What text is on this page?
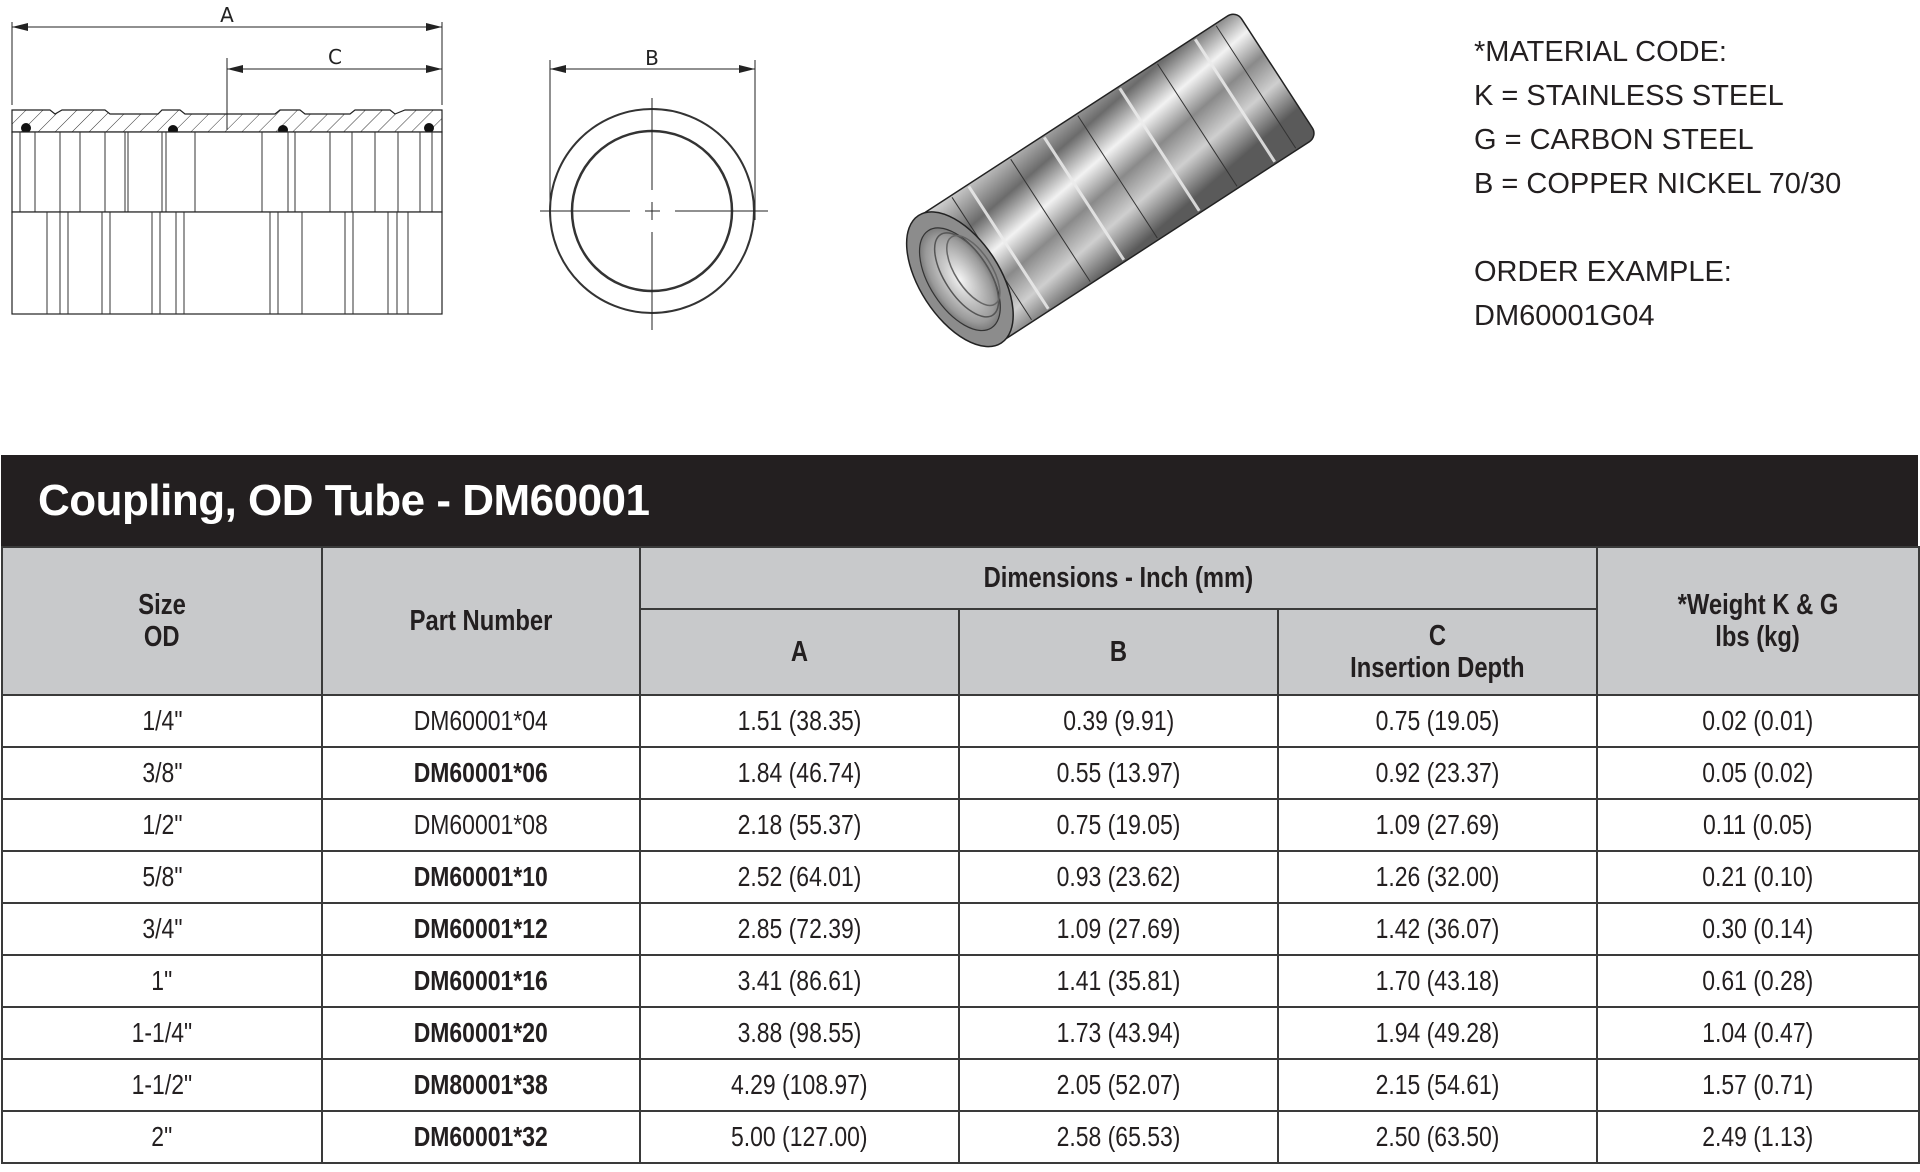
A
C	B	*MATERIAL CODE:
K = STAINLESS STEEL
G = CARBON STEEL
B = COPPER NICKEL 70/30
ORDER EXAMPLE:
DM60001G04
Coupling, OD Tube - DM60001
Size
OD	Part Number	Dimensions - Inch (mm)			*Weight K & G
lbs (kg)
		A	B	C
Insertion Depth	
1/4"	DM60001*04	1.51 (38.35)	0.39 (9.91)	0.75 (19.05)	0.02 (0.01)
3/8"	DM60001*06	1.84 (46.74)	0.55 (13.97)	0.92 (23.37)	0.05 (0.02)
1/2"	DM60001*08	2.18 (55.37)	0.75 (19.05)	1.09 (27.69)	0.11 (0.05)
5/8"	DM60001*10	2.52 (64.01)	0.93 (23.62)	1.26 (32.00)	0.21 (0.10)
3/4"	DM60001*12	2.85 (72.39)	1.09 (27.69)	1.42 (36.07)	0.30 (0.14)
1"	DM60001*16	3.41 (86.61)	1.41 (35.81)	1.70 (43.18)	0.61 (0.28)
1-1/4"	DM60001*20	3.88 (98.55)	1.73 (43.94)	1.94 (49.28)	1.04 (0.47)
1-1/2"	DM80001*38	4.29 (108.97)	2.05 (52.07)	2.15 (54.61)	1.57 (0.71)
2"	DM60001*32	5.00 (127.00)	2.58 (65.53)	2.50 (63.50)	2.49 (1.13)
